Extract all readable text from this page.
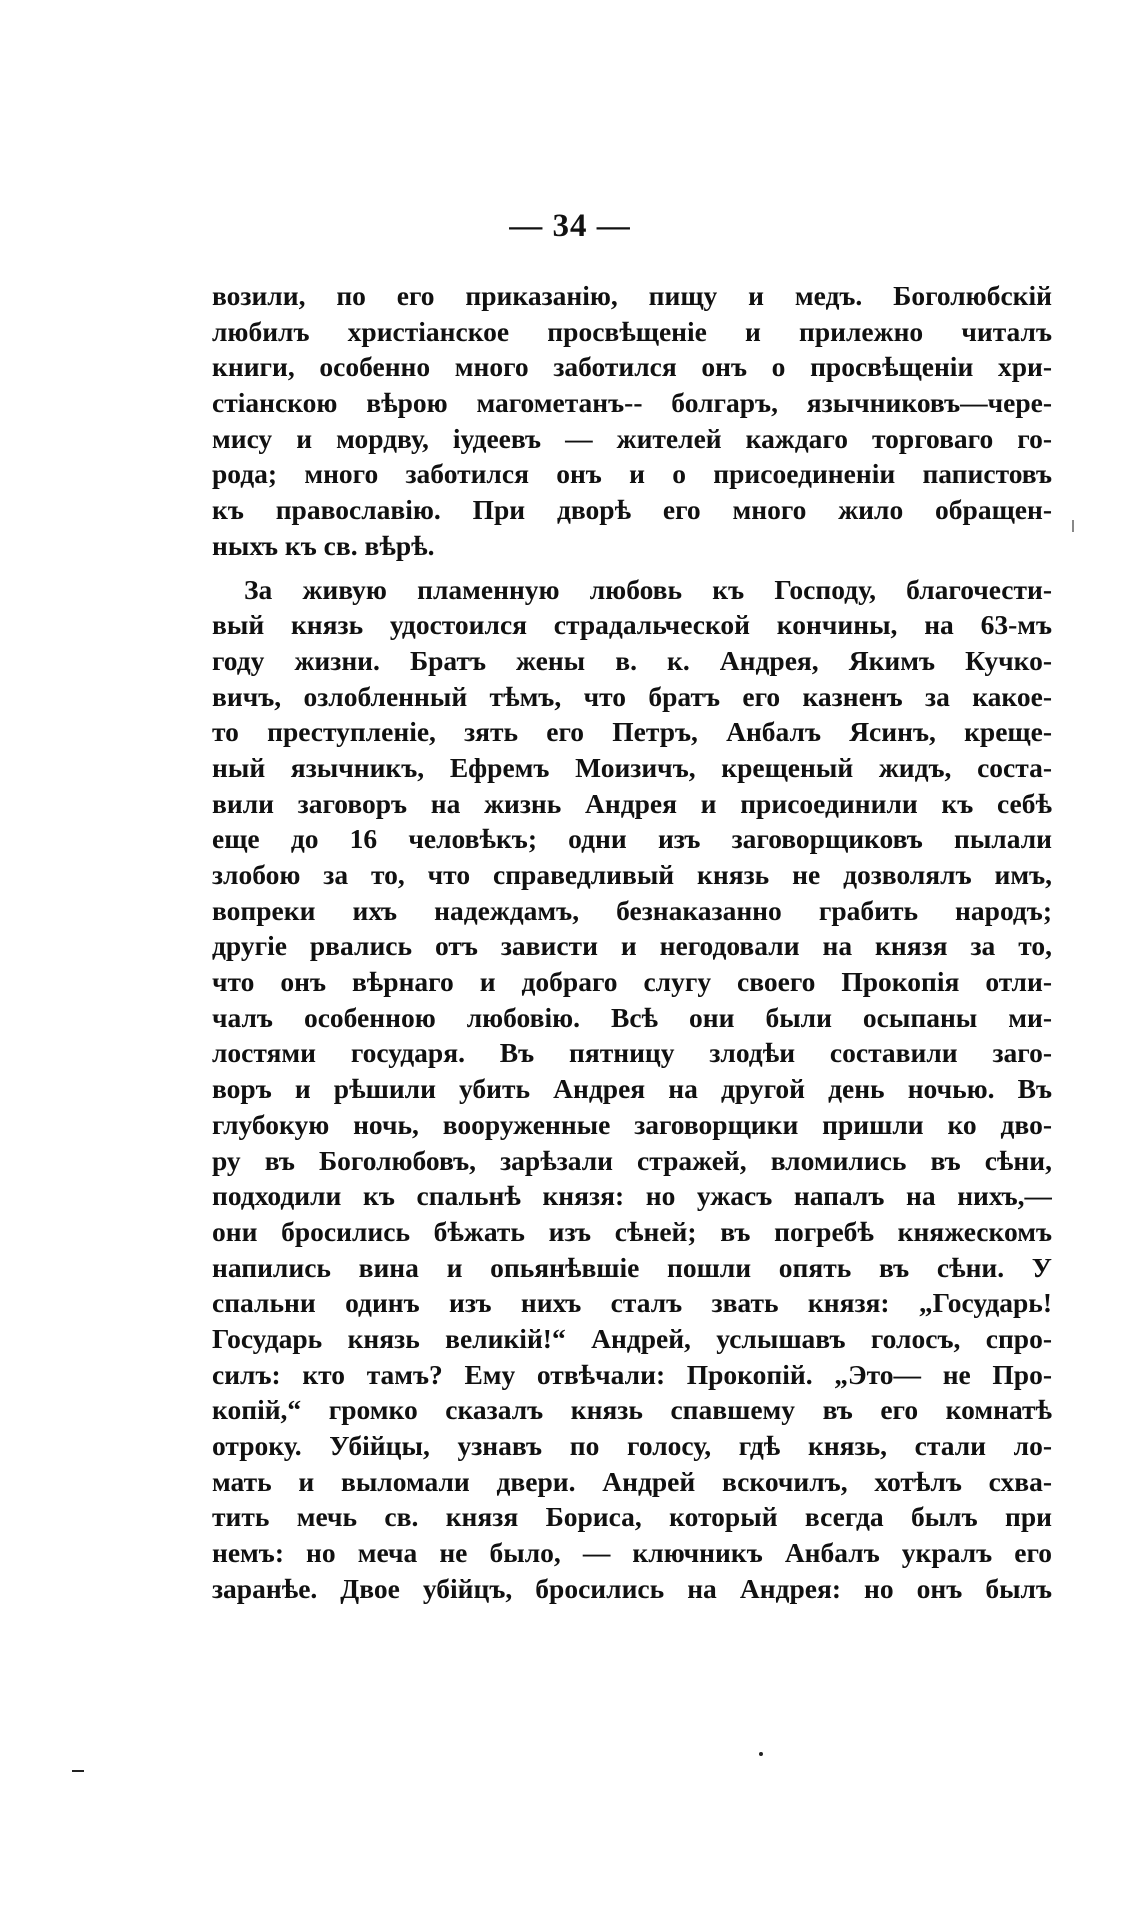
— 34 —
возили, по его приказанію, пищу и медъ. Боголюбскій
любилъ христіанское просвѣщеніе и прилежно читалъ
книги, особенно много заботился онъ о просвѣщеніи хри-
стіанскою вѣрою магометанъ-- болгаръ, язычниковъ—чере-
мису и мордву, іудеевъ — жителей каждаго торговаго го-
рода; много заботился онъ и о присоединеніи папистовъ
къ православію. При дворѣ его много жило обращен-
ныхъ къ св. вѣрѣ.
За живую пламенную любовь къ Господу, благочести-
вый князь удостоился страдальческой кончины, на 63-мъ
году жизни. Братъ жены в. к. Андрея, Якимъ Кучко-
вичъ, озлобленный тѣмъ, что братъ его казненъ за какое-
то преступленіе, зять его Петръ, Анбалъ Ясинъ, креще-
ный язычникъ, Ефремъ Моизичъ, крещеный жидъ, соста-
вили заговоръ на жизнь Андрея и присоединили къ себѣ
еще до 16 человѣкъ; одни изъ заговорщиковъ пылали
злобою за то, что справедливый князь не дозволялъ имъ,
вопреки ихъ надеждамъ, безнаказанно грабить народъ;
другіе рвались отъ зависти и негодовали на князя за то,
что онъ вѣрнаго и добраго слугу своего Прокопія отли-
чалъ особенною любовію. Всѣ они были осыпаны ми-
лостями государя. Въ пятницу злодѣи составили заго-
воръ и рѣшили убить Андрея на другой день ночью. Въ
глубокую ночь, вооруженные заговорщики пришли ко дво-
ру въ Боголюбовъ, зарѣзали стражей, вломились въ сѣни,
подходили къ спальнѣ князя: но ужасъ напалъ на нихъ,—
они бросились бѣжать изъ сѣней; въ погребѣ княжескомъ
напились вина и опьянѣвшіе пошли опять въ сѣни. У
спальни одинъ изъ нихъ сталъ звать князя: „Государь!
Государь князь великій!“ Андрей, услышавъ голосъ, спро-
силъ: кто тамъ? Ему отвѣчали: Прокопій. „Это— не Про-
копій,“ громко сказалъ князь спавшему въ его комнатѣ
отроку. Убійцы, узнавъ по голосу, гдѣ князь, стали ло-
мать и выломали двери. Андрей вскочилъ, хотѣлъ схва-
тить мечь св. князя Бориса, который всегда былъ при
немъ: но меча не было, — ключникъ Анбалъ укралъ его
заранѣе. Двое убійцъ, бросились на Андрея: но онъ былъ
